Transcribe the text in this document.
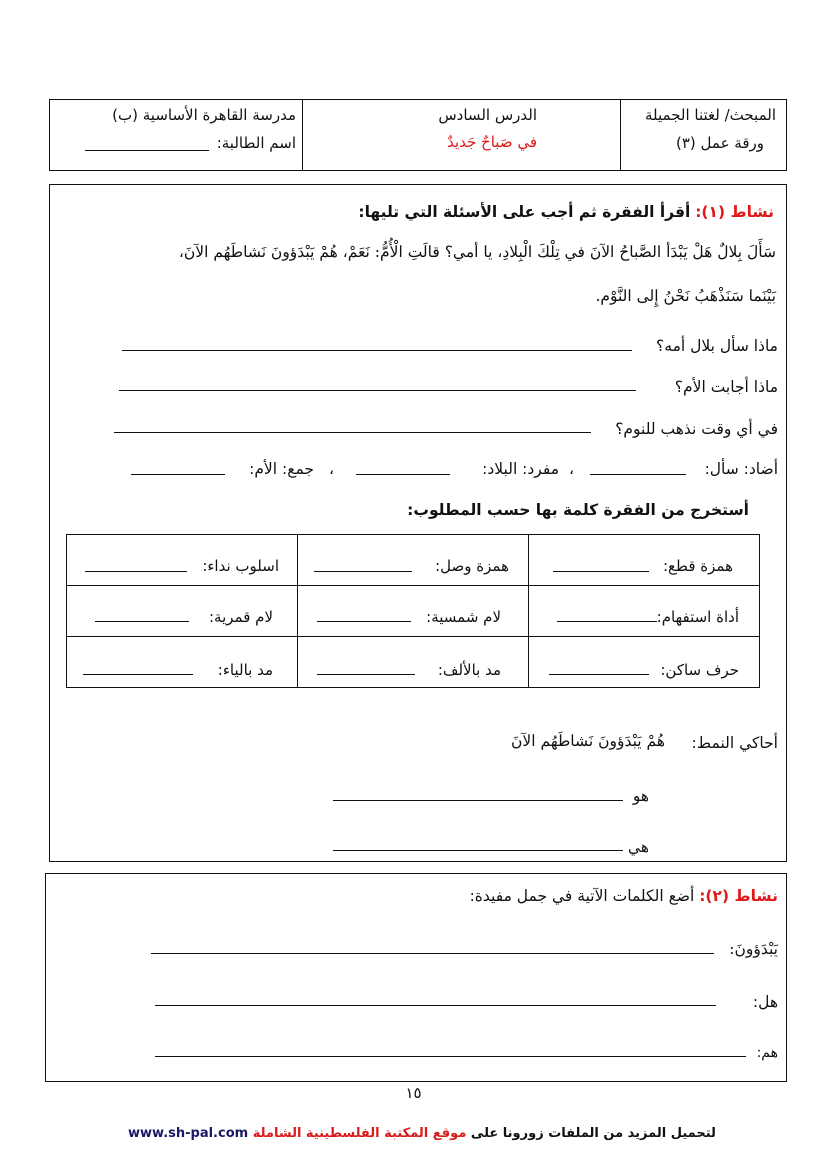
المبحث/ لغتنا الجميلة
ورقة عمل (٣)
الدرس السادس
في صَباحٌ جَديدٌ
مدرسة القاهرة الأساسية (ب)
اسم الطالبة:
نشاط (١): أقرأ الفقرة ثم أجب على الأسئلة التي تليها:
سَأَلَ بِلالٌ هَلْ يَبْدَأ الصَّباحُ الآنَ في تِلْكَ الْبِلادِ، يا أمي؟ قالَتِ الْأُمُّ: نَعَمْ، هُمْ يَبْدَؤونَ نَشاطَهُم الآنَ،
بَيْنَما سَنَذْهَبُ نَحْنُ إِلى النَّوْم.
ماذا سأل بلال أمه؟
ماذا أجابت الأم؟
في أي وقت نذهب للنوم؟
أضاد: سأل:
،
مفرد: البلاد:
،
جمع: الأم:
أستخرج من الفقرة كلمة بها حسب المطلوب:
همزة قطع:
همزة وصل:
اسلوب نداء:
أداة استفهام:
لام شمسية:
لام قمرية:
حرف ساكن:
مد بالألف:
مد بالياء:
أحاكي النمط:
هُمْ يَبْدَؤونَ نَشاطَهُم الآنَ
هو
هي
نشاط (٢): أضع الكلمات الآتية في جمل مفيدة:
يَبْدَؤونَ:
هل:
هم:
١٥
www.sh-pal.com	لتحميل المزيد من الملفات زورونا على موقع المكتبة الفلسطينية الشاملة
